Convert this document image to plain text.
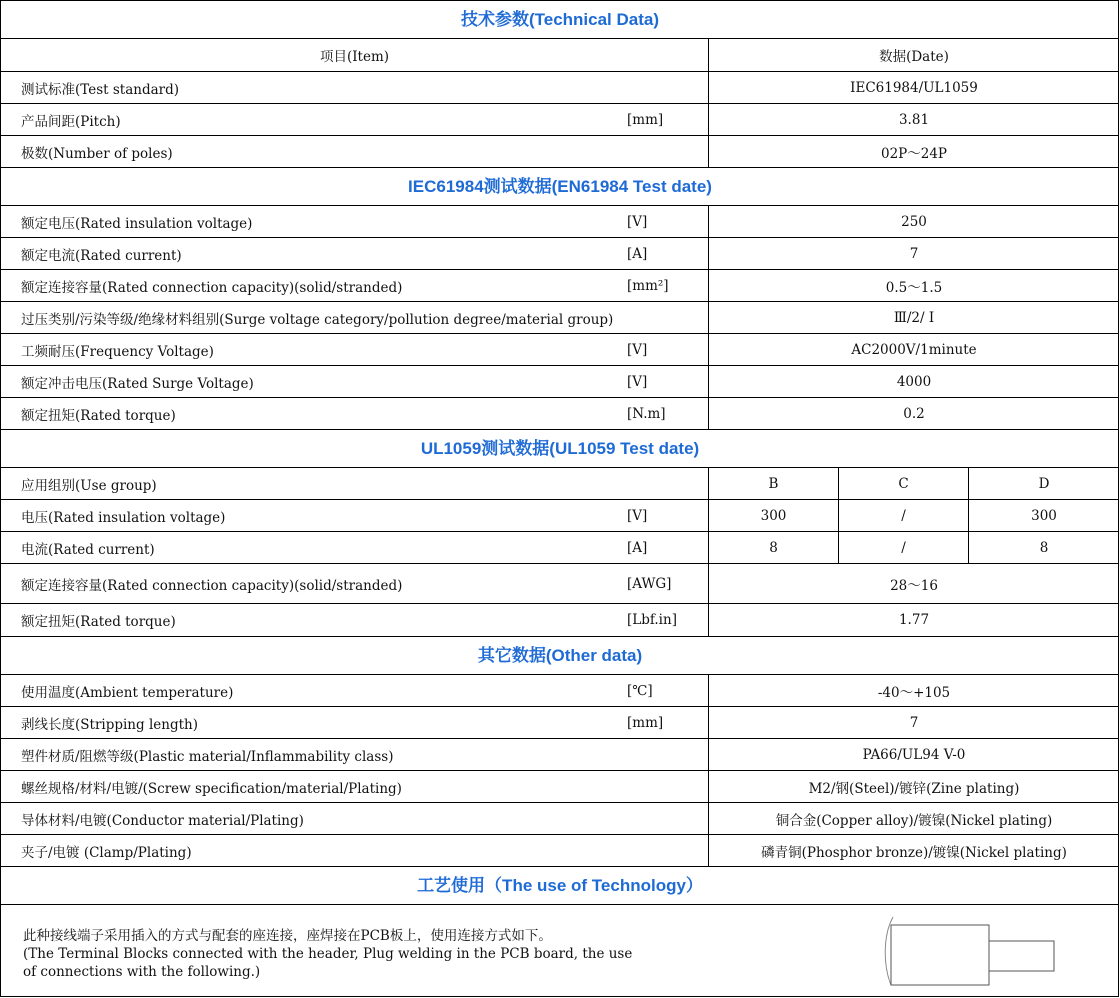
技术参数(Technical Data)
项目(Item)	数据(Date)
测试标准(Test standard)	IEC61984/UL1059
产品间距(Pitch)	[mm]	3.81
极数(Number of poles)	02P～24P
IEC61984测试数据(EN61984 Test date)
额定电压(Rated insulation voltage)	[V]	250
额定电流(Rated current)	[A]	7
额定连接容量(Rated connection capacity)(solid/stranded)	[mm²]	0.5～1.5
过压类别/污染等级/绝缘材料组别(Surge voltage category/pollution degree/material group)	Ⅲ/2/ Ⅰ
工频耐压(Frequency Voltage)	[V]	AC2000V/1minute
额定冲击电压(Rated Surge Voltage)	[V]	4000
额定扭矩(Rated torque)	[N.m]	0.2
UL1059测试数据(UL1059 Test date)
应用组别(Use group)	B	C	D
电压(Rated insulation voltage)	[V]	300	/	300
电流(Rated current)	[A]	8	/	8
额定连接容量(Rated connection capacity)(solid/stranded)	[AWG]	28～16
额定扭矩(Rated torque)	[Lbf.in]	1.77
其它数据(Other data)
使用温度(Ambient temperature)	[℃]	-40～+105
剥线长度(Stripping length)	[mm]	7
塑件材质/阻燃等级(Plastic material/Inflammability class)	PA66/UL94 V-0
螺丝规格/材料/电镀/(Screw specification/material/Plating)	M2/钢(Steel)/镀锌(Zine plating)
导体材料/电镀(Conductor material/Plating)	铜合金(Copper alloy)/镀镍(Nickel plating)
夹子/电镀 (Clamp/Plating)	磷青铜(Phosphor bronze)/镀镍(Nickel plating)
工艺使用（The use of Technology）
此种接线端子采用插入的方式与配套的座连接，座焊接在PCB板上，使用连接方式如下。
(The Terminal Blocks connected with the header, Plug welding in the PCB board, the use
of connections with the following.)
